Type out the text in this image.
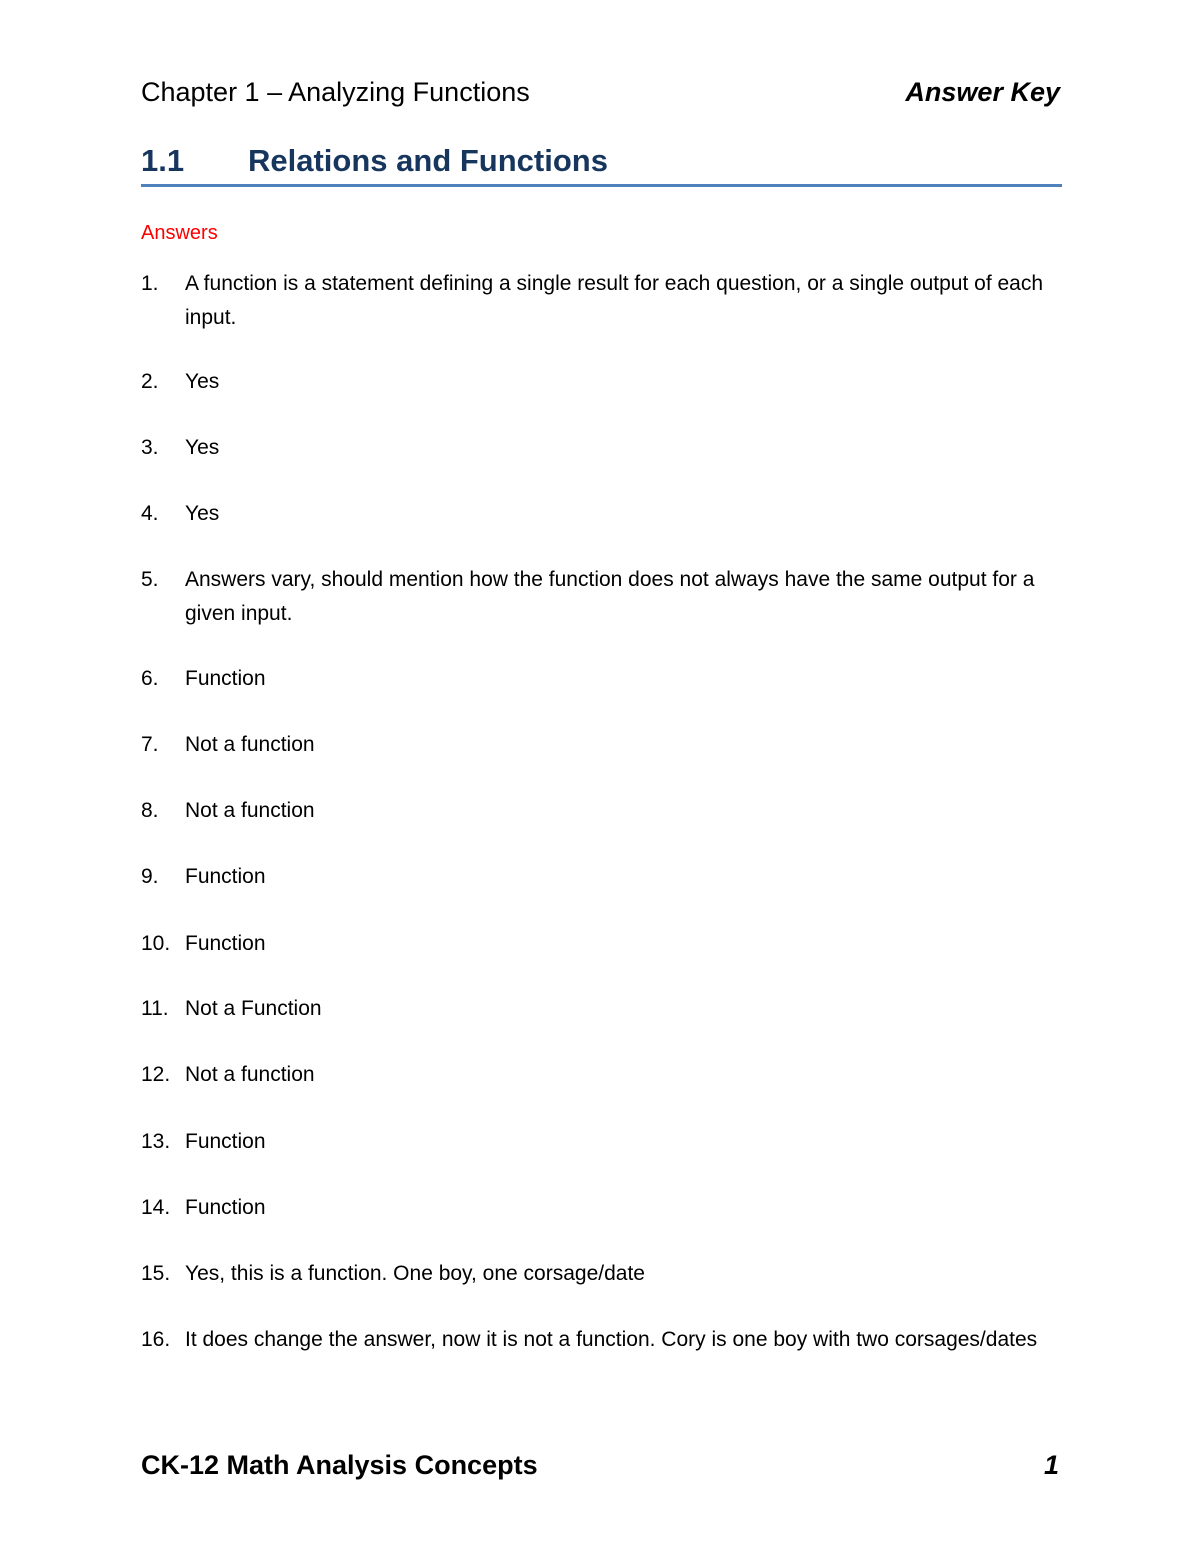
Chapter 1 – Analyzing Functions	Answer Key
1.1 Relations and Functions
Answers
1.	A function is a statement defining a single result for each question, or a single output of each input.
2.	Yes
3.	Yes
4.	Yes
5.	Answers vary, should mention how the function does not always have the same output for a given input.
6.	Function
7.	Not a function
8.	Not a function
9.	Function
10. Function
11. Not a Function
12. Not a function
13. Function
14. Function
15. Yes, this is a function. One boy, one corsage/date
16. It does change the answer, now it is not a function. Cory is one boy with two corsages/dates
CK-12 Math Analysis Concepts	1
